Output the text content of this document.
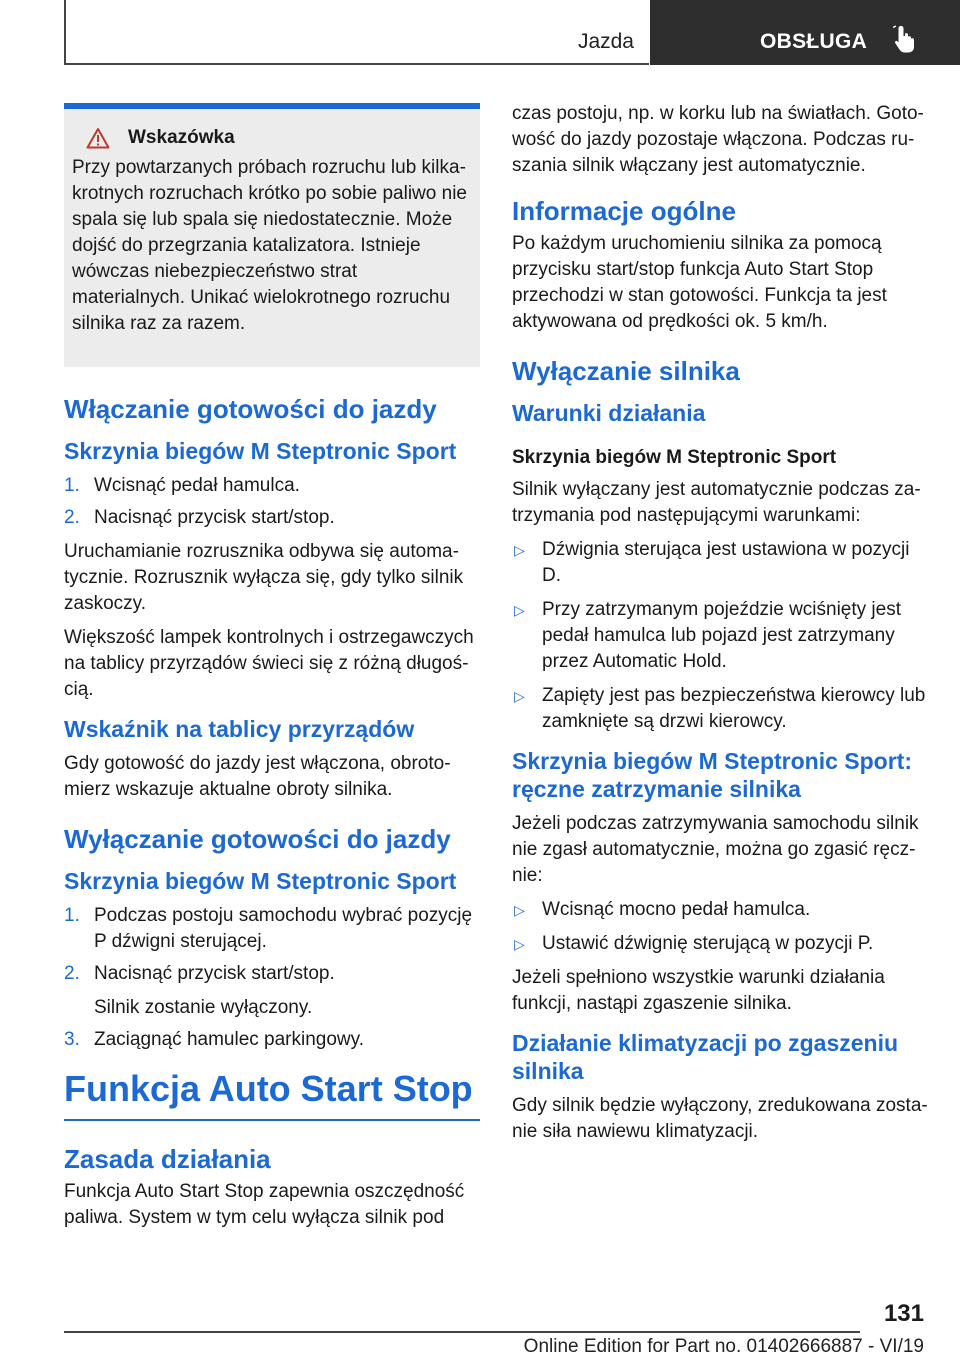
Jazda	OBSŁUGA
Wskazówka

Przy powtarzanych próbach rozruchu lub kilkakrotnych rozruchach krótko po sobie paliwo nie spala się lub spala się niedostatecznie. Może dojść do przegrzania katalizatora. Istnieje wówczas niebezpieczeństwo strat materialnych. Unikać wielokrotnego rozruchu silnika raz za razem.

Włączanie gotowości do jazdy
Skrzynia biegów M Steptronic Sport
1. Wcisnąć pedał hamulca.
2. Nacisnąć przycisk start/stop.

Uruchamianie rozrusznika odbywa się automatycznie. Rozrusznik wyłącza się, gdy tylko silnik zaskoczy.

Większość lampek kontrolnych i ostrzegawczych na tablicy przyrządów świeci się z różną długością.

Wskaźnik na tablicy przyrządów

Gdy gotowość do jazdy jest włączona, obrotomierz wskazuje aktualne obroty silnika.

Wyłączanie gotowości do jazdy
Skrzynia biegów M Steptronic Sport
1. Podczas postoju samochodu wybrać pozycję P dźwigni sterującej.
2. Nacisnąć przycisk start/stop.
Silnik zostanie wyłączony.
3. Zaciągnąć hamulec parkingowy.
Funkcja Auto Start Stop
Zasada działania

Funkcja Auto Start Stop zapewnia oszczędność paliwa. System w tym celu wyłącza silnik pod

czas postoju, np. w korku lub na światłach. Gotowość do jazdy pozostaje włączona. Podczas ruszania silnik włączany jest automatycznie.

Informacje ogólne

Po każdym uruchomieniu silnika za pomocą przycisku start/stop funkcja Auto Start Stop przechodzi w stan gotowości. Funkcja ta jest aktywowana od prędkości ok. 5 km/h.

Wyłączanie silnika
Warunki działania
Skrzynia biegów M Steptronic Sport

Silnik wyłączany jest automatycznie podczas zatrzymania pod następującymi warunkami:

▷ Dźwignia sterująca jest ustawiona w pozycji D.
▷ Przy zatrzymanym pojeździe wciśnięty jest pedał hamulca lub pojazd jest zatrzymany przez Automatic Hold.
▷ Zapięty jest pas bezpieczeństwa kierowcy lub zamknięte są drzwi kierowcy.
Skrzynia biegów M Steptronic Sport: ręczne zatrzymanie silnika

Jeżeli podczas zatrzymywania samochodu silnik nie zgasł automatycznie, można go zgasić ręcznie:

▷ Wcisnąć mocno pedał hamulca.
▷ Ustawić dźwignię sterującą w pozycji P.

Jeżeli spełniono wszystkie warunki działania funkcji, nastąpi zgaszenie silnika.

Działanie klimatyzacji po zgaszeniu silnika

Gdy silnik będzie wyłączony, zredukowana zostanie siła nawiewu klimatyzacji.

131
Online Edition for Part no. 01402666887 - VI/19
